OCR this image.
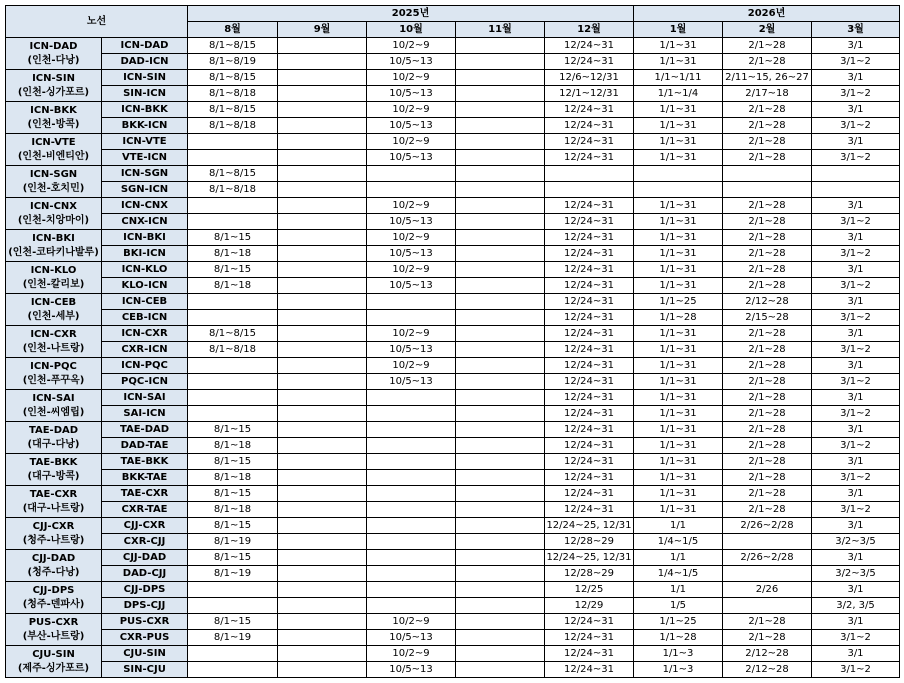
노선		2025년					2026년		
		8월	9월	10월	11월	12월	1월	2월	3월

ICN-DAD
(인천-다낭)	ICN-DAD	8/1~8/15		10/2~9		12/24~31	1/1~31	2/1~28	3/1
	DAD-ICN	8/1~8/19		10/5~13		12/24~31	1/1~31	2/1~28	3/1~2

ICN-SIN
(인천-싱가포르)	ICN-SIN	8/1~8/15		10/2~9		12/6~12/31	1/1~1/11	2/11~15, 26~27	3/1
	SIN-ICN	8/1~8/18		10/5~13		12/1~12/31	1/1~1/4	2/17~18	3/1~2

ICN-BKK
(인천-방콕)	ICN-BKK	8/1~8/15		10/2~9		12/24~31	1/1~31	2/1~28	3/1
	BKK-ICN	8/1~8/18		10/5~13		12/24~31	1/1~31	2/1~28	3/1~2

ICN-VTE
(인천-비엔티안)	ICN-VTE			10/2~9		12/24~31	1/1~31	2/1~28	3/1
	VTE-ICN			10/5~13		12/24~31	1/1~31	2/1~28	3/1~2

ICN-SGN
(인천-호치민)	ICN-SGN	8/1~8/15							
	SGN-ICN	8/1~8/18							

ICN-CNX
(인천-치앙마이)	ICN-CNX			10/2~9		12/24~31	1/1~31	2/1~28	3/1
	CNX-ICN			10/5~13		12/24~31	1/1~31	2/1~28	3/1~2

ICN-BKI
(인천-코타키나발루)	ICN-BKI	8/1~15		10/2~9		12/24~31	1/1~31	2/1~28	3/1
	BKI-ICN	8/1~18		10/5~13		12/24~31	1/1~31	2/1~28	3/1~2

ICN-KLO
(인천-칼리보)	ICN-KLO	8/1~15		10/2~9		12/24~31	1/1~31	2/1~28	3/1
	KLO-ICN	8/1~18		10/5~13		12/24~31	1/1~31	2/1~28	3/1~2

ICN-CEB
(인천-세부)	ICN-CEB					12/24~31	1/1~25	2/12~28	3/1
	CEB-ICN					12/24~31	1/1~28	2/15~28	3/1~2

ICN-CXR
(인천-나트랑)	ICN-CXR	8/1~8/15		10/2~9		12/24~31	1/1~31	2/1~28	3/1
	CXR-ICN	8/1~8/18		10/5~13		12/24~31	1/1~31	2/1~28	3/1~2

ICN-PQC
(인천-푸꾸옥)	ICN-PQC			10/2~9		12/24~31	1/1~31	2/1~28	3/1
	PQC-ICN			10/5~13		12/24~31	1/1~31	2/1~28	3/1~2

ICN-SAI
(인천-씨엠립)	ICN-SAI					12/24~31	1/1~31	2/1~28	3/1
	SAI-ICN					12/24~31	1/1~31	2/1~28	3/1~2

TAE-DAD
(대구-다낭)	TAE-DAD	8/1~15				12/24~31	1/1~31	2/1~28	3/1
	DAD-TAE	8/1~18				12/24~31	1/1~31	2/1~28	3/1~2

TAE-BKK
(대구-방콕)	TAE-BKK	8/1~15				12/24~31	1/1~31	2/1~28	3/1
	BKK-TAE	8/1~18				12/24~31	1/1~31	2/1~28	3/1~2

TAE-CXR
(대구-나트랑)	TAE-CXR	8/1~15				12/24~31	1/1~31	2/1~28	3/1
	CXR-TAE	8/1~18				12/24~31	1/1~31	2/1~28	3/1~2

CJJ-CXR
(청주-나트랑)	CJJ-CXR	8/1~15				12/24~25, 12/31	1/1	2/26~2/28	3/1
	CXR-CJJ	8/1~19				12/28~29	1/4~1/5		3/2~3/5

CJJ-DAD
(청주-다낭)	CJJ-DAD	8/1~15				12/24~25, 12/31	1/1	2/26~2/28	3/1
	DAD-CJJ	8/1~19				12/28~29	1/4~1/5		3/2~3/5

CJJ-DPS
(청주-덴파사)	CJJ-DPS					12/25	1/1	2/26	3/1
	DPS-CJJ					12/29	1/5		3/2, 3/5

PUS-CXR
(부산-나트랑)	PUS-CXR	8/1~15		10/2~9		12/24~31	1/1~25	2/1~28	3/1
	CXR-PUS	8/1~19		10/5~13		12/24~31	1/1~28	2/1~28	3/1~2

CJU-SIN
(제주-싱가포르)	CJU-SIN			10/2~9		12/24~31	1/1~3	2/12~28	3/1
	SIN-CJU			10/5~13		12/24~31	1/1~3	2/12~28	3/1~2
